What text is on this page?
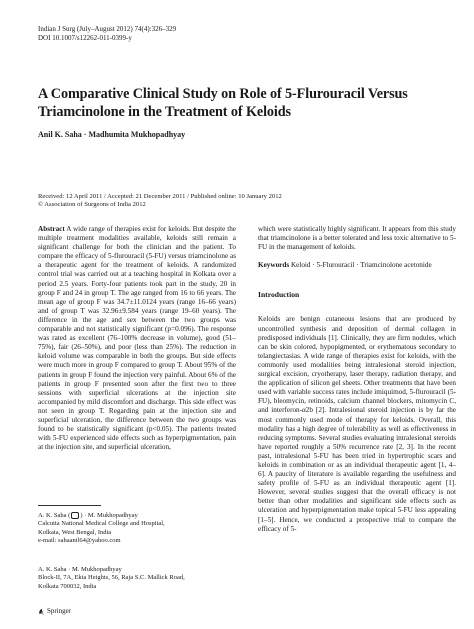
Indian J Surg (July–August 2012) 74(4):326–329
DOI 10.1007/s12262-011-0399-y
A Comparative Clinical Study on Role of 5-Flurouracil Versus Triamcinolone in the Treatment of Keloids
Anil K. Saha · Madhumita Mukhopadhyay
Received: 12 April 2011 / Accepted: 21 December 2011 / Published online: 10 January 2012
© Association of Surgeons of India 2012

Abstract A wide range of therapies exist for keloids. But despite the multiple treatment modalities available, keloids still remain a significant challenge for both the clinician and the patient. To compare the efficacy of 5-flurouracil (5-FU) versus triamcinolone as a therapeutic agent for the treatment of keloids. A randomized control trial was carried out at a teaching hospital in Kolkata over a period 2.5 years. Forty-four patients took part in the study, 20 in group F and 24 in group T. The age ranged from 16 to 66 years. The mean age of group F was 34.7±11.0124 years (range 16–66 years) and of group T was 32.96±9.584 years (range 19–60 years). The difference in the age and sex between the two groups was comparable and not statistically significant (p=0.096). The response was rated as excellent (76–100% decrease in volume), good (51–75%), fair (26–50%), and poor (less than 25%). The reduction in keloid volume was comparable in both the groups. But side effects were much more in group F compared to group T. About 95% of the patients in group F found the injection very painful. About 6% of the patients in group F presented soon after the first two to three sessions with superficial ulcerations at the injection site accompanied by mild discomfort and discharge. This side effect was not seen in group T. Regarding pain at the injection site and superficial ulceration, the difference between the two groups was found to be statistically significant (p<0.05). The patients treated with 5-FU experienced side effects such as hyperpigmentation, pain at the injection site, and superficial ulceration,

which were statistically highly significant. It appears from this study that triamcinolone is a better tolerated and less toxic alternative to 5-FU in the management of keloids.

Keywords Keloid · 5-Flurouracil · Triamcinolone acetonide

Introduction

Keloids are benign cutaneous lesions that are produced by uncontrolled synthesis and deposition of dermal collagen in predisposed individuals [1]. Clinically, they are firm nodules, which can be skin colored, hypopigmented, or erythematous secondary to telangiectasias. A wide range of therapies exist for keloids, with the commonly used modalities being intralesional steroid injection, surgical excision, cryotherapy, laser therapy, radiation therapy, and the application of silicon gel sheets. Other treatments that have been used with variable success rates include imiquimod, 5-flurouracil (5-FU), bleomycin, retinoids, calcium channel blockers, mitomycin C, and interferon-α2b [2]. Intralesional steroid injection is by far the most commonly used mode of therapy for keloids. Overall, this modality has a high degree of tolerability as well as effectiveness in reducing symptoms. Several studies evaluating intralesional steroids have reported roughly a 50% recurrence rate [2, 3]. In the recent past, intralesional 5-FU has been tried in hypertrophic scars and keloids in combination or as an individual therapeutic agent [1, 4–6]. A paucity of literature is available regarding the usefulness and safety profile of 5-FU as an individual therapeutic agent [1]. However, several studies suggest that the overall efficacy is not better than other modalities and significant side effects such as ulceration and hyperpigmentation make topical 5-FU less appealing [1–5]. Hence, we conducted a prospective trial to compare the efficacy of 5-

A. K. Saha ( ) · M. Mukhopadhyay
Calcutta National Medical College and Hospital,
Kolkata, West Bengal, India
e-mail: sahaanil64@yahoo.com
A. K. Saha · M. Mukhopadhyay
Block-II, 7A, Ekta Heights, 56, Raja S.C. Mallick Road,
Kolkata 700032, India
Springer
